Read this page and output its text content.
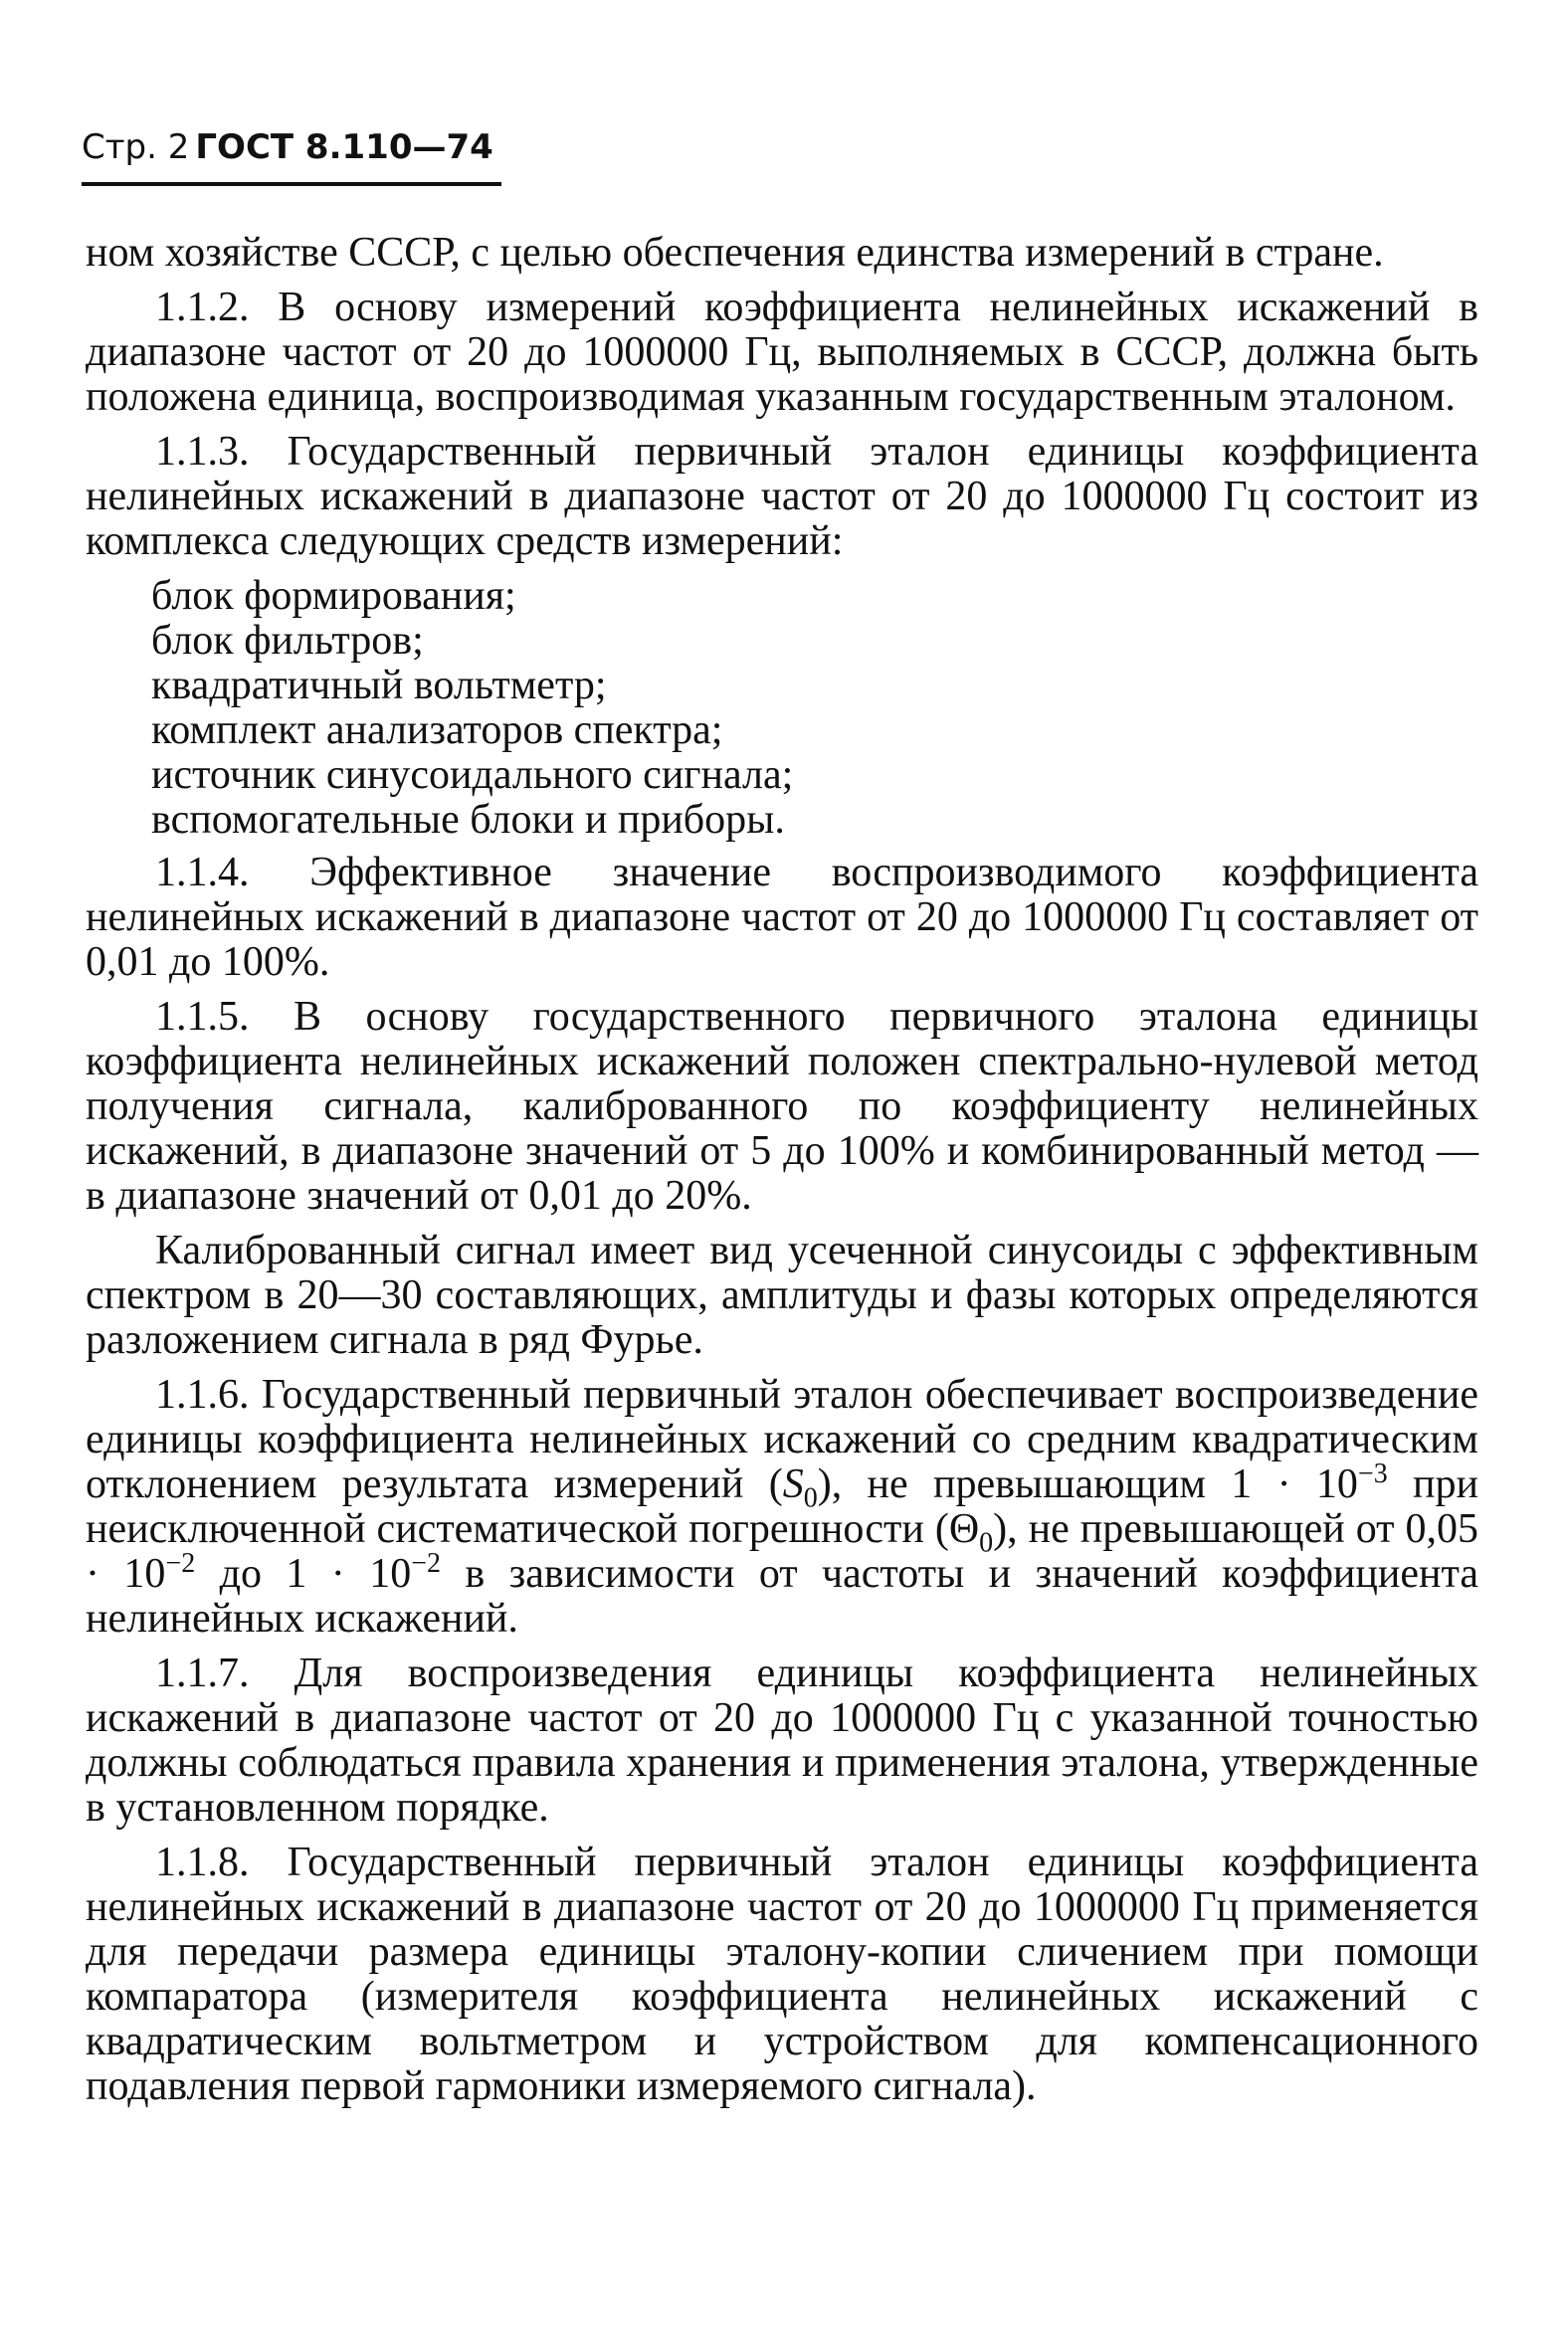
Стр. 2 ГОСТ 8.110—74

ном хозяйстве СССР, с целью обеспечения единства измерений в стране.

1.1.2. В основу измерений коэффициента нелинейных искажений в диапазоне частот от 20 до 1000000 Гц, выполняемых в СССР, должна быть положена единица, воспроизводимая указанным государственным эталоном.

1.1.3. Государственный первичный эталон единицы коэффициента нелинейных искажений в диапазоне частот от 20 до 1000000 Гц состоит из комплекса следующих средств измерений:

блок формирования;
блок фильтров;
квадратичный вольтметр;
комплект анализаторов спектра;
источник синусоидального сигнала;
вспомогательные блоки и приборы.

1.1.4. Эффективное значение воспроизводимого коэффициента нелинейных искажений в диапазоне частот от 20 до 1000000 Гц составляет от 0,01 до 100%.

1.1.5. В основу государственного первичного эталона единицы коэффициента нелинейных искажений положен спектрально-нулевой метод получения сигнала, калиброванного по коэффициенту нелинейных искажений, в диапазоне значений от 5 до 100% и комбинированный метод — в диапазоне значений от 0,01 до 20%.

Калиброванный сигнал имеет вид усеченной синусоиды с эффективным спектром в 20—30 составляющих, амплитуды и фазы которых определяются разложением сигнала в ряд Фурье.

1.1.6. Государственный первичный эталон обеспечивает воспроизведение единицы коэффициента нелинейных искажений со средним квадратическим отклонением результата измерений $(S_0)$, не превышающим $1 \cdot 10^{-3}$ при неисключенной систематической погрешности $(\Theta_0)$, не превышающей от $0,05 \cdot 10^{-2}$ до $1 \cdot 10^{-2}$ в зависимости от частоты и значений коэффициента нелинейных искажений.

1.1.7. Для воспроизведения единицы коэффициента нелинейных искажений в диапазоне частот от 20 до 1000000 Гц с указанной точностью должны соблюдаться правила хранения и применения эталона, утвержденные в установленном порядке.

1.1.8. Государственный первичный эталон единицы коэффициента нелинейных искажений в диапазоне частот от 20 до 1000000 Гц применяется для передачи размера единицы эталону-копии сличением при помощи компаратора (измерителя коэффициента нелинейных искажений с квадратическим вольтметром и устройством для компенсационного подавления первой гармоники измеряемого сигнала).
